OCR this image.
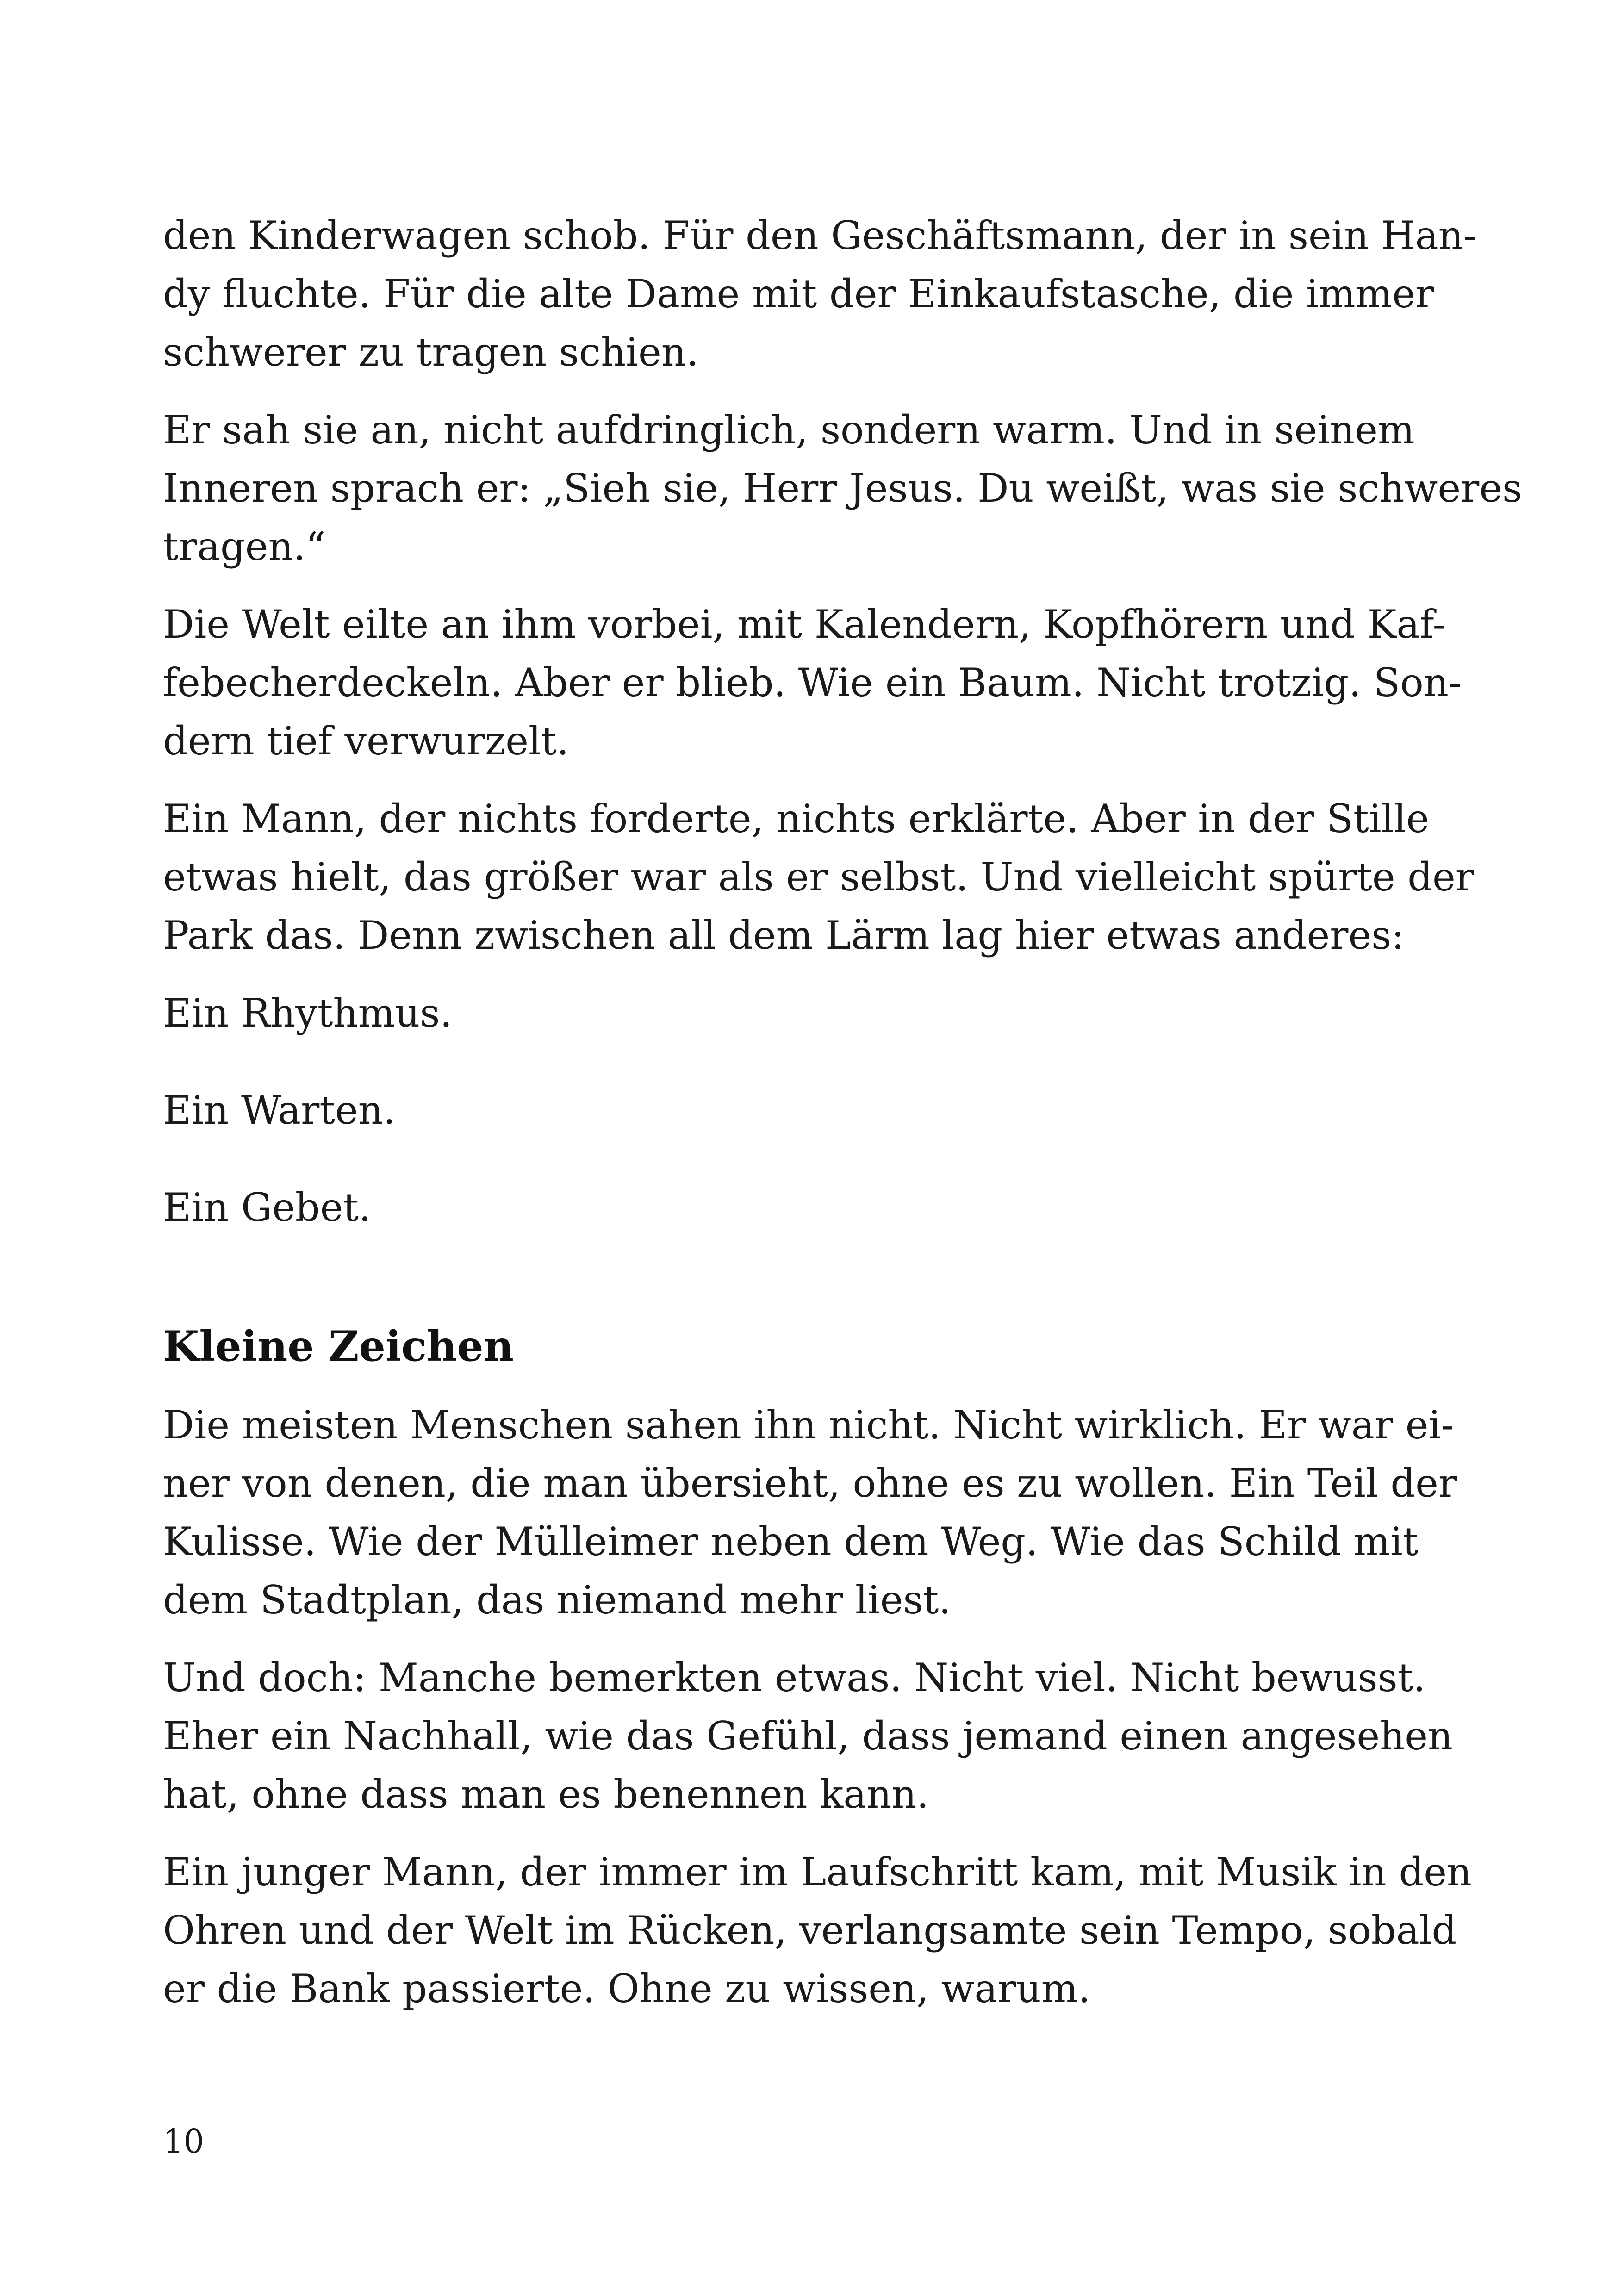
den Kinderwagen schob. Für den Geschäftsmann, der in sein Han-
dy fluchte. Für die alte Dame mit der Einkaufstasche, die immer
schwerer zu tragen schien.

Er sah sie an, nicht aufdringlich, sondern warm. Und in seinem
Inneren sprach er: „Sieh sie, Herr Jesus. Du weißt, was sie schweres
tragen.“

Die Welt eilte an ihm vorbei, mit Kalendern, Kopfhörern und Kaf-
febecherdeckeln. Aber er blieb. Wie ein Baum. Nicht trotzig. Son-
dern tief verwurzelt.

Ein Mann, der nichts forderte, nichts erklärte. Aber in der Stille
etwas hielt, das größer war als er selbst. Und vielleicht spürte der
Park das. Denn zwischen all dem Lärm lag hier etwas anderes:

Ein Rhythmus.

Ein Warten.

Ein Gebet.

Kleine Zeichen

Die meisten Menschen sahen ihn nicht. Nicht wirklich. Er war ei-
ner von denen, die man übersieht, ohne es zu wollen. Ein Teil der
Kulisse. Wie der Mülleimer neben dem Weg. Wie das Schild mit
dem Stadtplan, das niemand mehr liest.

Und doch: Manche bemerkten etwas. Nicht viel. Nicht bewusst.
Eher ein Nachhall, wie das Gefühl, dass jemand einen angesehen
hat, ohne dass man es benennen kann.

Ein junger Mann, der immer im Laufschritt kam, mit Musik in den
Ohren und der Welt im Rücken, verlangsamte sein Tempo, sobald
er die Bank passierte. Ohne zu wissen, warum.

10
